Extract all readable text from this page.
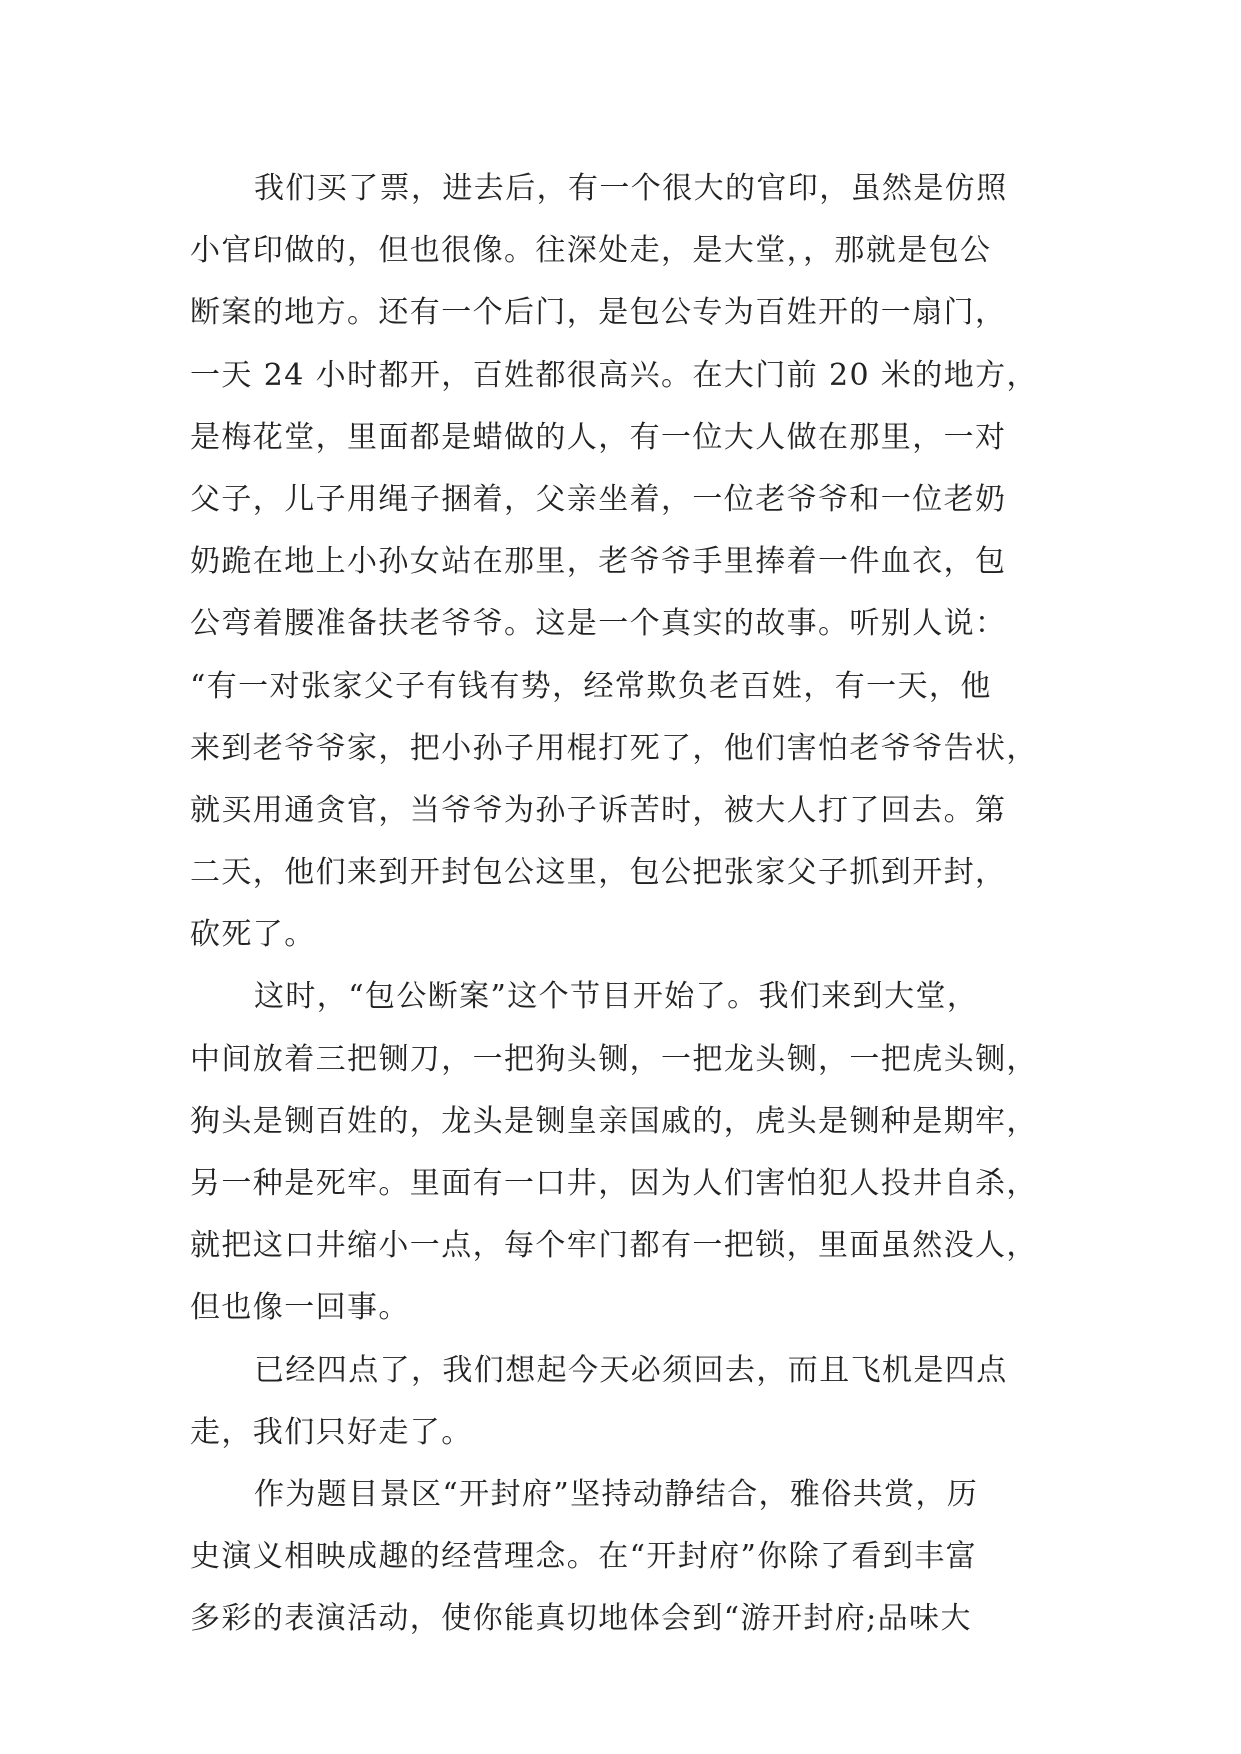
我们买了票，进去后，有一个很大的官印，虽然是仿照
小官印做的，但也很像。往深处走，是大堂，，那就是包公
断案的地方。还有一个后门，是包公专为百姓开的一扇门，
一天 24 小时都开，百姓都很高兴。在大门前 20 米的地方，
是梅花堂，里面都是蜡做的人，有一位大人做在那里，一对
父子，儿子用绳子捆着，父亲坐着，一位老爷爷和一位老奶
奶跪在地上小孙女站在那里，老爷爷手里捧着一件血衣，包
公弯着腰准备扶老爷爷。这是一个真实的故事。听别人说：
“有一对张家父子有钱有势，经常欺负老百姓，有一天，他
来到老爷爷家，把小孙子用棍打死了，他们害怕老爷爷告状，
就买用通贪官，当爷爷为孙子诉苦时，被大人打了回去。第
二天，他们来到开封包公这里，包公把张家父子抓到开封，
砍死了。
这时，“包公断案”这个节目开始了。我们来到大堂，
中间放着三把铡刀，一把狗头铡，一把龙头铡，一把虎头铡，
狗头是铡百姓的，龙头是铡皇亲国戚的，虎头是铡种是期牢，
另一种是死牢。里面有一口井，因为人们害怕犯人投井自杀，
就把这口井缩小一点，每个牢门都有一把锁，里面虽然没人，
但也像一回事。
已经四点了，我们想起今天必须回去，而且飞机是四点
走，我们只好走了。
作为题目景区“开封府”坚持动静结合，雅俗共赏，历
史演义相映成趣的经营理念。在“开封府”你除了看到丰富
多彩的表演活动，使你能真切地体会到“游开封府;品味大
